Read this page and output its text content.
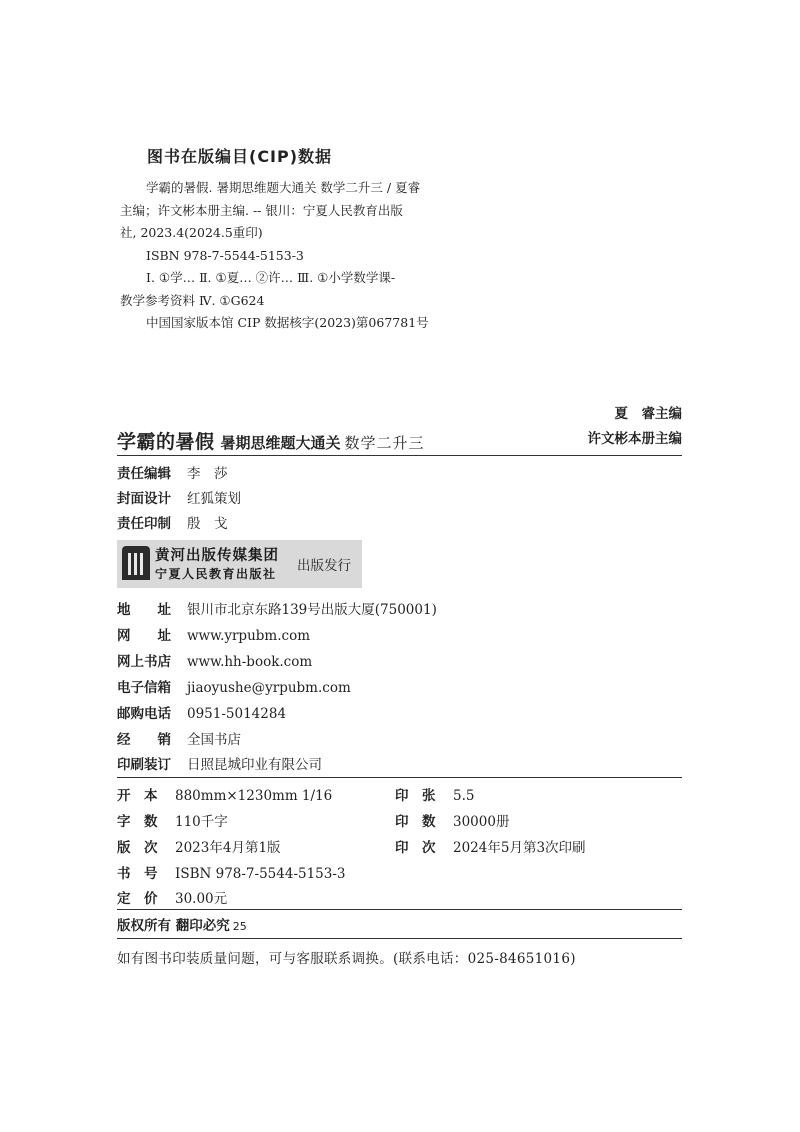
图书在版编目(CIP)数据
学霸的暑假. 暑期思维题大通关 数学二升三 / 夏睿
主编；许文彬本册主编. -- 银川：宁夏人民教育出版
社, 2023.4(2024.5重印)
ISBN 978-7-5544-5153-3
Ⅰ. ①学… Ⅱ. ①夏… ②许… Ⅲ. ①小学数学课-
教学参考资料 Ⅳ. ①G624
中国国家版本馆 CIP 数据核字(2023)第067781号
夏　睿主编
许文彬本册主编
学霸的暑假 暑期思维题大通关 数学二升三
责任编辑 李　莎
封面设计 红狐策划
责任印制 殷　戈
黄河出版传媒集团
宁夏人民教育出版社 出版发行
地　　址 银川市北京东路139号出版大厦(750001)
网　　址 www.yrpubm.com
网上书店 www.hh-book.com
电子信箱 jiaoyushe@yrpubm.com
邮购电话 0951-5014284
经　　销 全国书店
印刷装订 日照昆城印业有限公司
开　本 880mm×1230mm 1/16
字　数 110千字
版　次 2023年4月第1版
书　号 ISBN 978-7-5544-5153-3
定　价 30.00元
印　张 5.5
印　数 30000册
印　次 2024年5月第3次印刷
版权所有 翻印必究 25
如有图书印装质量问题，可与客服联系调换。(联系电话：025-84651016)
